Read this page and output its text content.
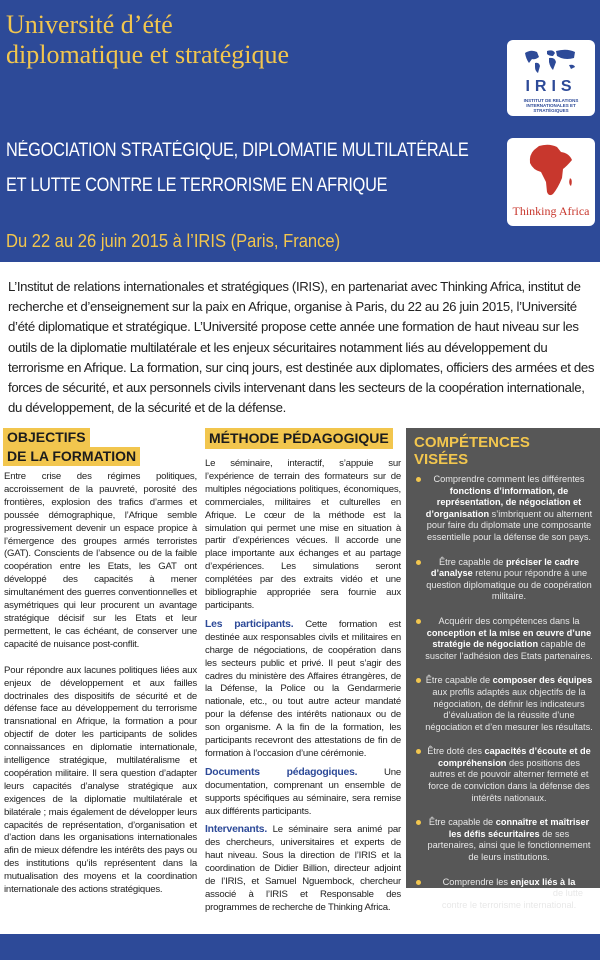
Université d’été
diplomatique et stratégique
NÉGOCIATION STRATÉGIQUE, DIPLOMATIE MULTILATÉRALE
ET LUTTE CONTRE LE TERRORISME EN AFRIQUE
Du 22 au 26 juin 2015 à l’IRIS (Paris, France)
IRIS
INSTITUT DE RELATIONS INTERNATIONALES ET STRATÉGIQUES
Thinking Africa
L’Institut de relations internationales et stratégiques (IRIS), en partenariat avec Thinking Africa, institut de recherche et d’enseignement sur la paix en Afrique, organise à Paris, du 22 au 26 juin 2015, l’Université d’été diplomatique et stratégique. L’Université propose cette année une formation de haut niveau sur les outils de la diplomatie multilatérale et les enjeux sécuritaires notamment liés au développement du terrorisme en Afrique. La formation, sur cinq jours, est destinée aux diplomates, officiers des armées et des forces de sécurité, et aux personnels civils intervenant dans les secteurs de la coopération internationale, du développement, de la sécurité et de la défense.
OBJECTIFS
DE LA FORMATION

Entre crise des régimes politiques, accroissement de la pauvreté, porosité des frontières, explosion des trafics d’armes et poussée démographique, l’Afrique semble progressivement devenir un espace propice à l’émergence des groupes armés terroristes (GAT). Conscients de l’absence ou de la faible coopération entre les Etats, les GAT ont développé des capacités à mener simultanément des guerres conventionnelles et asymétriques qui leur procurent un avantage stratégique décisif sur les Etats et leur permettent, le cas échéant, de conserver une capacité de nuisance post-conflit.

Pour répondre aux lacunes politiques liées aux enjeux de développement et aux failles doctrinales des dispositifs de sécurité et de défense face au développement du terrorisme transnational en Afrique, la formation a pour objectif de doter les participants de solides connaissances en diplomatie internationale, intelligence stratégique, multilatéralisme et coopération militaire. Il sera question d’adapter leurs capacités d’analyse stratégique aux exigences de la diplomatie multilatérale et bilatérale ; mais également de développer leurs capacités de représentation, d’organisation et d’action dans les organisations internationales afin de mieux défendre les intérêts des pays ou des institutions qu’ils représentent dans la mutualisation des moyens et la coordination internationale des actions stratégiques.

MÉTHODE PÉDAGOGIQUE

Le séminaire, interactif, s’appuie sur l’expérience de terrain des formateurs sur de multiples négociations politiques, économiques, commerciales, militaires et culturelles en Afrique. Le cœur de la méthode est la simulation qui permet une mise en situation à partir d’expériences vécues. Il accorde une place importante aux échanges et au partage d’expériences. Les simulations seront complétées par des extraits vidéo et une bibliographie appropriée sera fournie aux participants.

Les participants. Cette formation est destinée aux responsables civils et militaires en charge de négociations, de coopération dans les secteurs public et privé. Il peut s’agir des cadres du ministère des Affaires étrangères, de la Défense, la Police ou la Gendarmerie nationale, etc., ou tout autre acteur mandaté pour la défense des intérêts nationaux ou de son organisme. A la fin de la formation, les participants recevront des attestations de fin de formation à l’occasion d’une cérémonie.

Documents pédagogiques. Une documentation, comprenant un ensemble de supports spécifiques au séminaire, sera remise aux différents participants.

Intervenants. Le séminaire sera animé par des chercheurs, universitaires et experts de haut niveau. Sous la direction de l’IRIS et la coordination de Didier Billion, directeur adjoint de l’IRIS, et Samuel Nguembock, chercheur associé à l’IRIS et Responsable des programmes de recherche de Thinking Africa.

COMPÉTENCES
VISÉES
Comprendre comment les différentes fonctions d’information, de représentation, de négociation et d’organisation s’imbriquent ou alternent pour faire du diplomate une composante essentielle pour la défense de son pays.
Être capable de préciser le cadre d’analyse retenu pour répondre à une question diplomatique ou de coopération militaire.
Acquérir des compétences dans la conception et la mise en œuvre d’une stratégie de négociation capable de susciter l’adhésion des Etats partenaires.
Être capable de composer des équipes aux profils adaptés aux objectifs de la négociation, de définir les indicateurs d’évaluation de la réussite d’une négociation et d’en mesurer les résultats.
Être doté des capacités d’écoute et de compréhension des positions des autres et de pouvoir alterner fermeté et force de conviction dans la défense des intérêts nationaux.
Être capable de connaître et maîtriser les défis sécuritaires de ses partenaires, ainsi que le fonctionnement de leurs institutions.
Comprendre les enjeux liés à la mutualisation des moyens de lutte contre le terrorisme international.
